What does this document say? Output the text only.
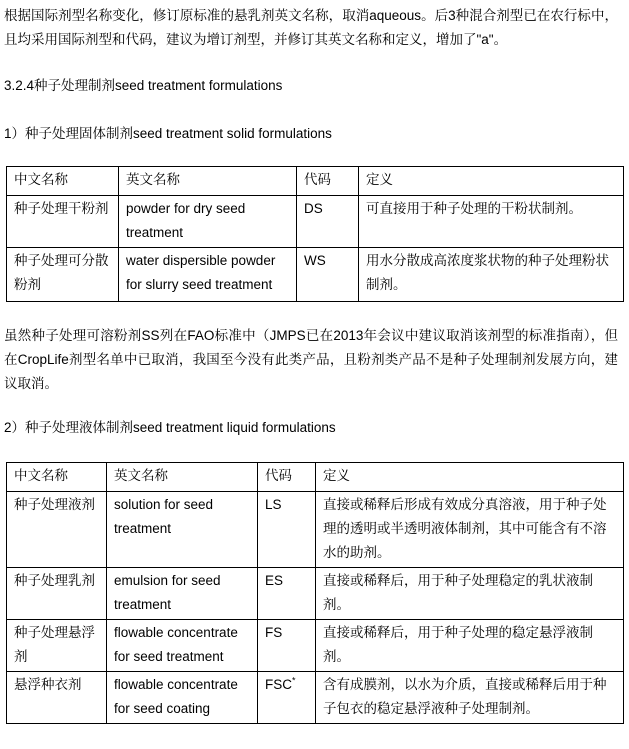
根据国际剂型名称变化，修订原标准的悬乳剂英文名称，取消aqueous。后3种混合剂型已在农行标中，且均采用国际剂型和代码，建议为增订剂型，并修订其英文名称和定义，增加了"a"。

3.2.4种子处理制剂seed treatment formulations

1）种子处理固体制剂seed treatment solid formulations

中文名称	英文名称	代码	定义
种子处理干粉剂	powder for dry seed treatment	DS	可直接用于种子处理的干粉状制剂。
种子处理可分散粉剂	water dispersible powder for slurry seed treatment	WS	用水分散成高浓度浆状物的种子处理粉状制剂。

虽然种子处理可溶粉剂SS列在FAO标准中（JMPS已在2013年会议中建议取消该剂型的标准指南），但在CropLife剂型名单中已取消，我国至今没有此类产品，且粉剂类产品不是种子处理制剂发展方向，建议取消。

2）种子处理液体制剂seed treatment liquid formulations

中文名称	英文名称	代码	定义
种子处理液剂	solution for seed treatment	LS	直接或稀释后形成有效成分真溶液，用于种子处理的透明或半透明液体制剂，其中可能含有不溶水的助剂。
种子处理乳剂	emulsion for seed treatment	ES	直接或稀释后，用于种子处理稳定的乳状液制剂。
种子处理悬浮剂	flowable concentrate for seed treatment	FS	直接或稀释后，用于种子处理的稳定悬浮液制剂。
悬浮种衣剂	flowable concentrate for seed coating	FSC*	含有成膜剂，以水为介质，直接或稀释后用于种子包衣的稳定悬浮液种子处理制剂。
